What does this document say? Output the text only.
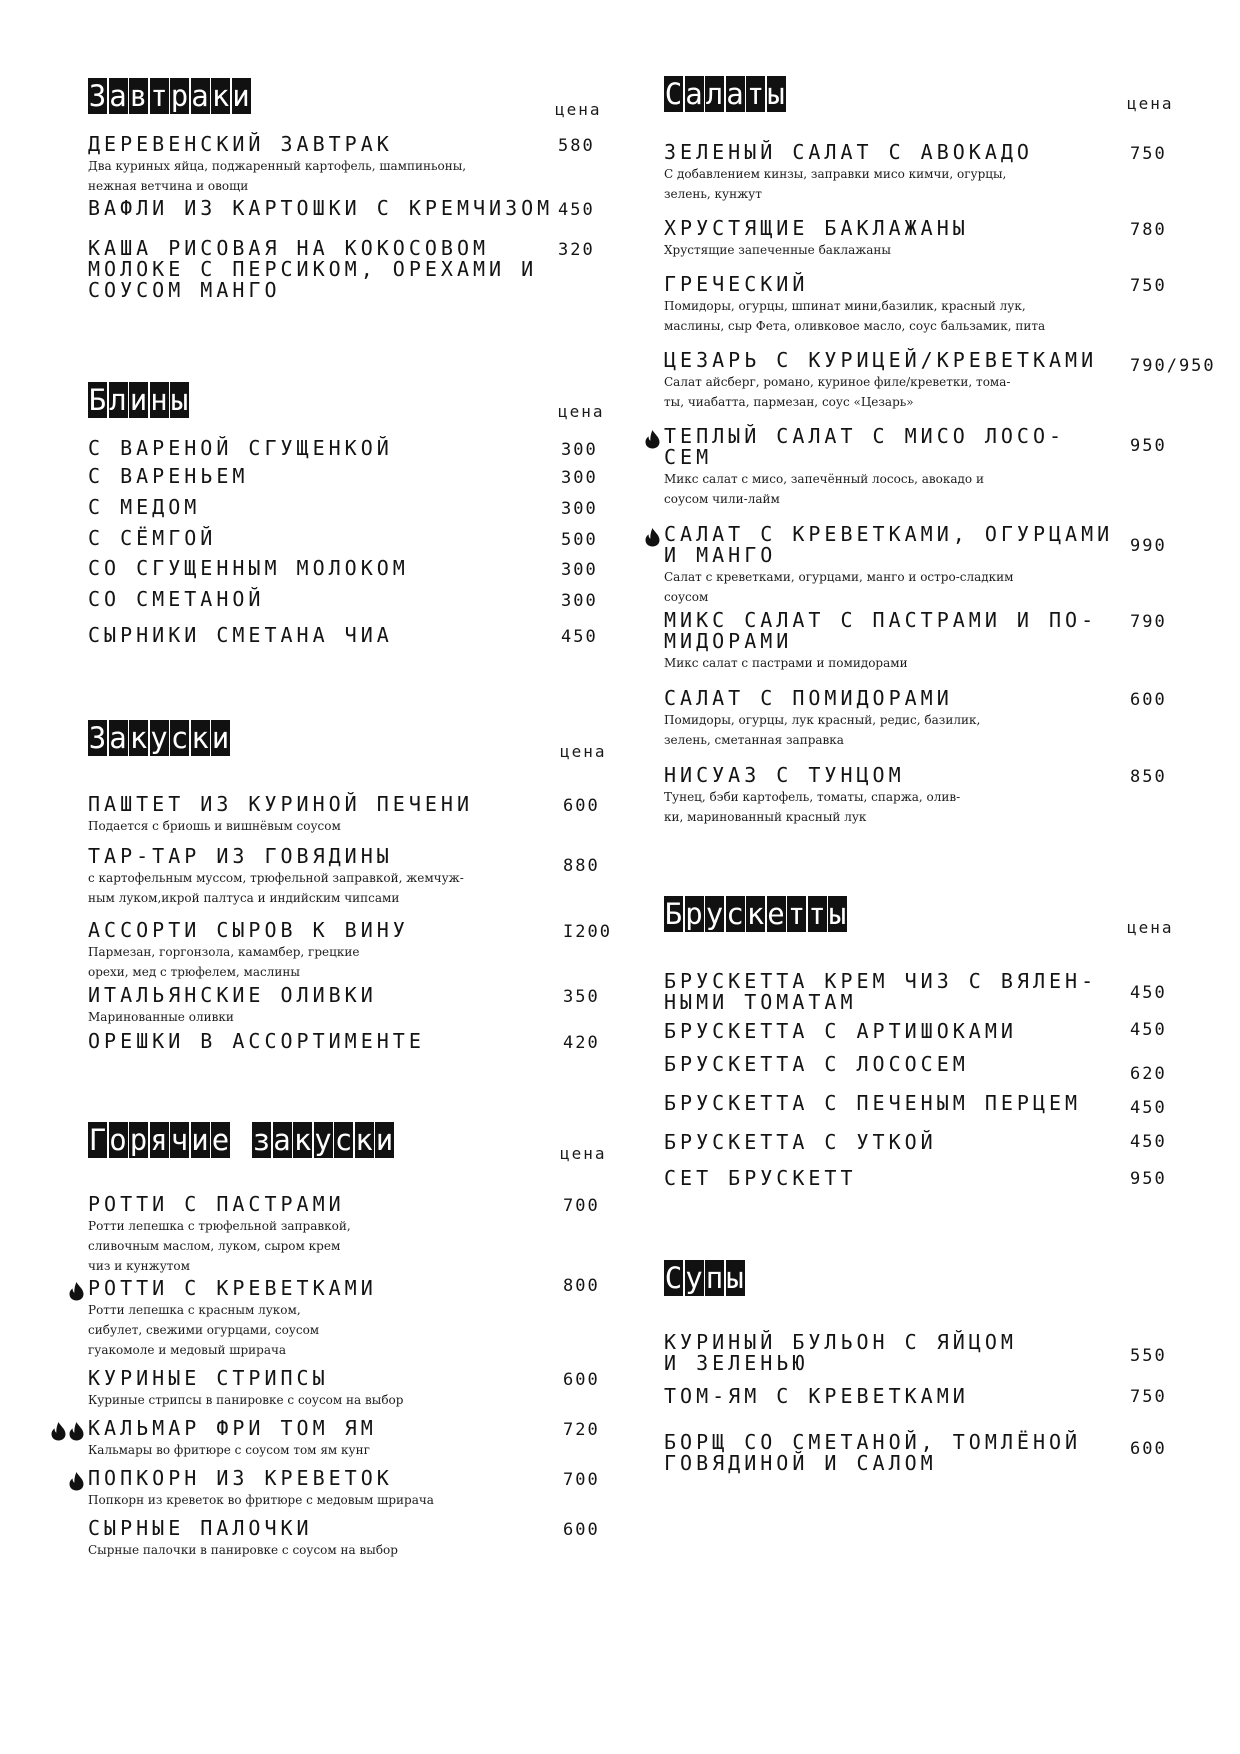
З а в т р а к и	цена
ДЕРЕВЕНСКИЙ ЗАВТРАК
Два куриных яйца, поджаренный картофель, шампиньоны,
нежная ветчина и овощи
580
ВАФЛИ ИЗ КАРТОШКИ С КРЕМЧИЗОМ 450
КАША РИСОВАЯ НА КОКОСОВОМ
МОЛОКЕ С ПЕРСИКОМ, ОРЕХАМИ И
СОУСОМ МАНГО
320
Б л и н ы	цена
С ВАРЕНОЙ СГУЩЕНКОЙ	300
С ВАРЕНЬЕМ	300
С МЕДОМ	300
С СЁМГОЙ	500
СО СГУЩЕННЫМ МОЛОКОМ	300
СО СМЕТАНОЙ	300
СЫРНИКИ СМЕТАНА ЧИА	450
З а к у с к и	цена
ПАШТЕТ ИЗ КУРИНОЙ ПЕЧЕНИ
Подается с бриошь и вишнёвым соусом
600
ТАР-ТАР ИЗ ГОВЯДИНЫ
с картофельным муссом, трюфельной заправкой, жемчуж-
ным луком,икрой палтуса и индийским чипсами
880
АССОРТИ СЫРОВ К ВИНУ
Пармезан, горгонзола, камамбер, грецкие
орехи, мед с трюфелем, маслины
I200
ИТАЛЬЯНСКИЕ ОЛИВКИ
Маринованные оливки
350
ОРЕШКИ В АССОРТИМЕНТЕ	420
Г о р я ч и е з а к у с к и	цена
РОТТИ С ПАСТРАМИ
Ротти лепешка с трюфельной заправкой,
сливочным маслом, луком, сыром крем
чиз и кунжутом
700
РОТТИ С КРЕВЕТКАМИ
Ротти лепешка с красным луком,
сибулет, свежими огурцами, соусом
гуакомоле и медовый шрирача
800
КУРИНЫЕ СТРИПСЫ
Куриные стрипсы в панировке с соусом на выбор
600
КАЛЬМАР ФРИ ТОМ ЯМ
Кальмары во фритюре с соусом том ям кунг
720
ПОПКОРН ИЗ КРЕВЕТОК
Попкорн из креветок во фритюре с медовым шрирача
700
СЫРНЫЕ ПАЛОЧКИ
Сырные палочки в панировке с соусом на выбор
600
С а л а т ы	цена
ЗЕЛЕНЫЙ САЛАТ С АВОКАДО
С добавлением кинзы, заправки мисо кимчи, огурцы,
зелень, кунжут
750
ХРУСТЯЩИЕ БАКЛАЖАНЫ
Хрустящие запеченные баклажаны
780
ГРЕЧЕСКИЙ
Помидоры, огурцы, шпинат мини,базилик, красный лук,
маслины, сыр Фета, оливковое масло, соус бальзамик, пита
750
ЦЕЗАРЬ С КУРИЦЕЙ/КРЕВЕТКАМИ
Салат айсберг, романо, куриное филе/креветки, тома-
ты, чиабатта, пармезан, соус «Цезарь»
790/950
ТЕПЛЫЙ САЛАТ С МИСО ЛОСО-
СЕМ
Микс салат с мисо, запечённый лосось, авокадо и
соусом чили-лайм
950
САЛАТ С КРЕВЕТКАМИ, ОГУРЦАМИ
И МАНГО
Салат с креветками, огурцами, манго и остро-сладким
соусом
990
МИКС САЛАТ С ПАСТРАМИ И ПО-
МИДОРАМИ
Микс салат с пастрами и помидорами
790
САЛАТ С ПОМИДОРАМИ
Помидоры, огурцы, лук красный, редис, базилик,
зелень, сметанная заправка
600
НИСУАЗ С ТУНЦОМ
Тунец, бэби картофель, томаты, спаржа, олив-
ки, маринованный красный лук
850
Б р у с к е т т ы	цена
БРУСКЕТТА КРЕМ ЧИЗ С ВЯЛЕН-
НЫМИ ТОМАТАМ	450
БРУСКЕТТА С АРТИШОКАМИ	450
БРУСКЕТТА С ЛОСОСЕМ	620
БРУСКЕТТА С ПЕЧЕНЫМ ПЕРЦЕМ	450
БРУСКЕТТА С УТКОЙ	450
СЕТ БРУСКЕТТ	950
С у п ы
КУРИНЫЙ БУЛЬОН С ЯЙЦОМ
И ЗЕЛЕНЬЮ	550
ТОМ-ЯМ С КРЕВЕТКАМИ	750
БОРЩ СО СМЕТАНОЙ, ТОМЛЁНОЙ
ГОВЯДИНОЙ И САЛОМ
600
